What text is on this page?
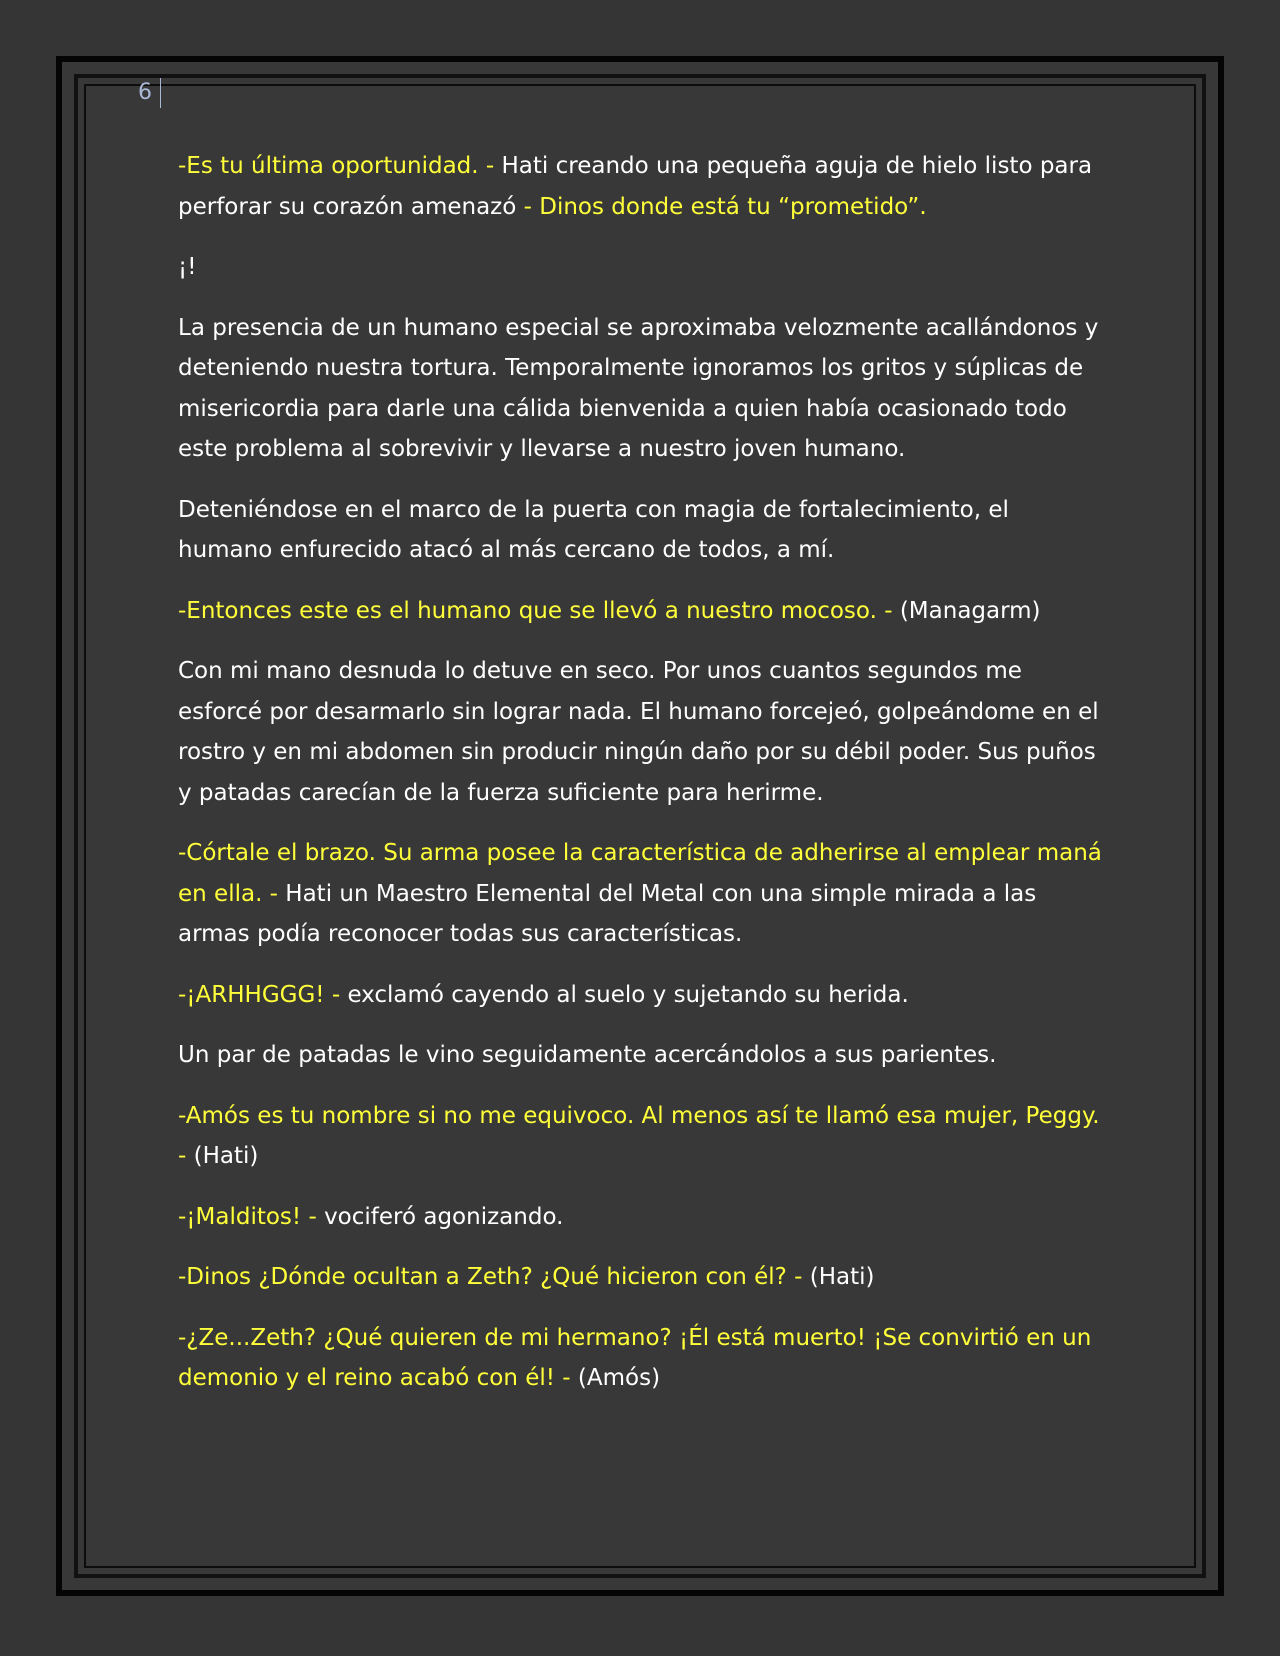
6

-Es tu última oportunidad. - Hati creando una pequeña aguja de hielo listo para perforar su corazón amenazó - Dinos donde está tu “prometido”.

¡!

La presencia de un humano especial se aproximaba velozmente acallándonos y deteniendo nuestra tortura. Temporalmente ignoramos los gritos y súplicas de misericordia para darle una cálida bienvenida a quien había ocasionado todo este problema al sobrevivir y llevarse a nuestro joven humano.

Deteniéndose en el marco de la puerta con magia de fortalecimiento, el humano enfurecido atacó al más cercano de todos, a mí.

-Entonces este es el humano que se llevó a nuestro mocoso. - (Managarm)

Con mi mano desnuda lo detuve en seco. Por unos cuantos segundos me esforcé por desarmarlo sin lograr nada. El humano forcejeó, golpeándome en el rostro y en mi abdomen sin producir ningún daño por su débil poder. Sus puños y patadas carecían de la fuerza suficiente para herirme.

-Córtale el brazo. Su arma posee la característica de adherirse al emplear maná en ella. - Hati un Maestro Elemental del Metal con una simple mirada a las armas podía reconocer todas sus características.

-¡ARHHGGG! - exclamó cayendo al suelo y sujetando su herida.

Un par de patadas le vino seguidamente acercándolos a sus parientes.

-Amós es tu nombre si no me equivoco. Al menos así te llamó esa mujer, Peggy. - (Hati)

-¡Malditos! - vociferó agonizando.

-Dinos ¿Dónde ocultan a Zeth? ¿Qué hicieron con él? - (Hati)

-¿Ze...Zeth? ¿Qué quieren de mi hermano? ¡Él está muerto! ¡Se convirtió en un demonio y el reino acabó con él! - (Amós)
